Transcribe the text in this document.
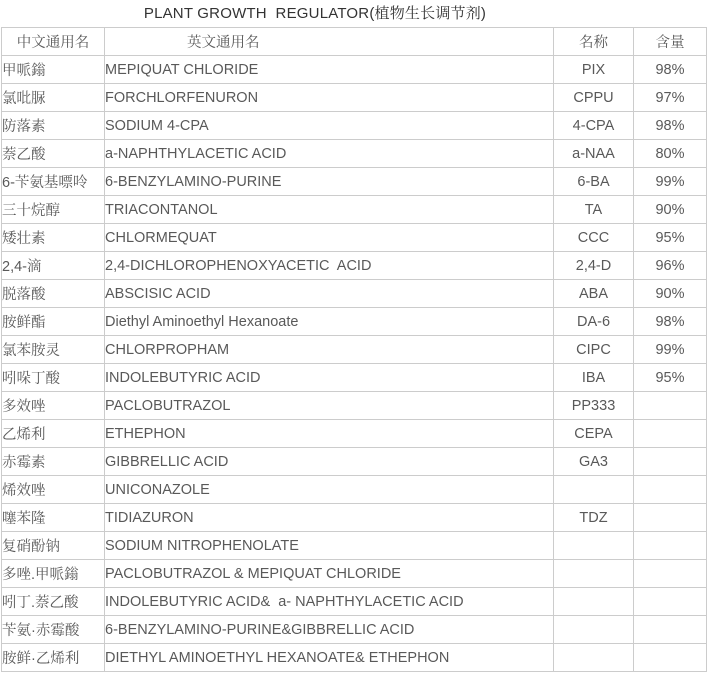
PLANT GROWTH  REGULATOR(植物生长调节剂)
中文通用名	英文通用名	名称	含量
甲哌鎓	MEPIQUAT CHLORIDE	PIX	98%
氯吡脲	FORCHLORFENURON	CPPU	97%
防落素	SODIUM 4-CPA	4-CPA	98%
萘乙酸	a-NAPHTHYLACETIC ACID	a-NAA	80%
6-苄氨基嘌呤	6-BENZYLAMINO-PURINE	6-BA	99%
三十烷醇	TRIACONTANOL	TA	90%
矮壮素	CHLORMEQUAT	CCC	95%
2,4-滴	2,4-DICHLOROPHENOXYACETIC  ACID	2,4-D	96%
脱落酸	ABSCISIC ACID	ABA	90%
胺鲜酯	Diethyl Aminoethyl Hexanoate	DA-6	98%
氯苯胺灵	CHLORPROPHAM	CIPC	99%
吲哚丁酸	INDOLEBUTYRIC ACID	IBA	95%
多效唑	PACLOBUTRAZOL	PP333	
乙烯利	ETHEPHON	CEPA	
赤霉素	GIBBRELLIC ACID	GA3	
烯效唑	UNICONAZOLE		
噻苯隆	TIDIAZURON	TDZ	
复硝酚钠	SODIUM NITROPHENOLATE		
多唑.甲哌鎓	PACLOBUTRAZOL & MEPIQUAT CHLORIDE		
吲丁.萘乙酸	INDOLEBUTYRIC ACID&  a- NAPHTHYLACETIC ACID		
苄氨·赤霉酸	6-BENZYLAMINO-PURINE&GIBBRELLIC ACID		
胺鲜·乙烯利	DIETHYL AMINOETHYL HEXANOATE& ETHEPHON		
